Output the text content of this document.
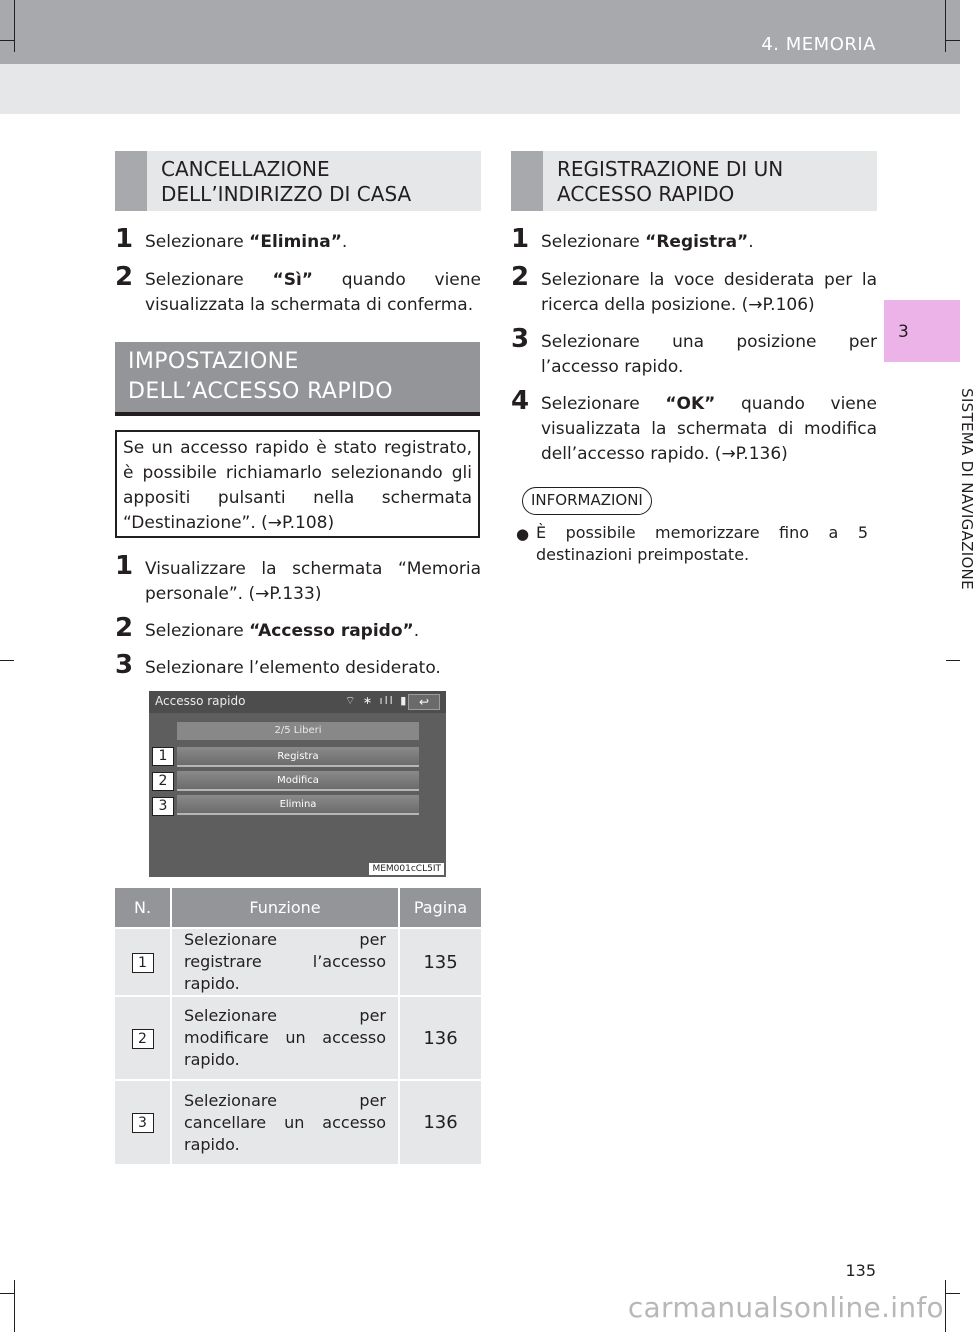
4. MEMORIA
3
SISTEMA DI NAVIGAZIONE
CANCELLAZIONE
DELL’INDIRIZZO DI CASA
1 Selezionare “Elimina”.
2 Selezionare “Sì” quando viene visualizzata la schermata di conferma.
IMPOSTAZIONE
DELL’ACCESSO RAPIDO
Se un accesso rapido è stato registrato, è possibile richiamarlo selezionando gli appositi pulsanti nella schermata “Destinazione”. (→P.108)
1 Visualizzare la schermata “Memoria personale”. (→P.133)
2 Selezionare “Accesso rapido”.
3 Selezionare l’elemento desiderato.
Accesso rapido	⌔ ∗ ıll ▮ ↩
2/5 Liberi
Registra
Modifica
Elimina
MEM001cCL5IT
1
2
3
N.	Funzione	Pagina
1	Selezionare per registrare l’accesso rapido.	135
2	Selezionare per modificare un accesso rapido.	136
3	Selezionare per cancellare un accesso rapido.	136
REGISTRAZIONE DI UN
ACCESSO RAPIDO
1 Selezionare “Registra”.
2 Selezionare la voce desiderata per la ricerca della posizione. (→P.106)
3 Selezionare una posizione per l’accesso rapido.
4 Selezionare “OK” quando viene visualizzata la schermata di modifica dell’accesso rapido. (→P.136)
INFORMAZIONI
● È possibile memorizzare fino a 5 destinazioni preimpostate.
135
carmanualsonline.info
